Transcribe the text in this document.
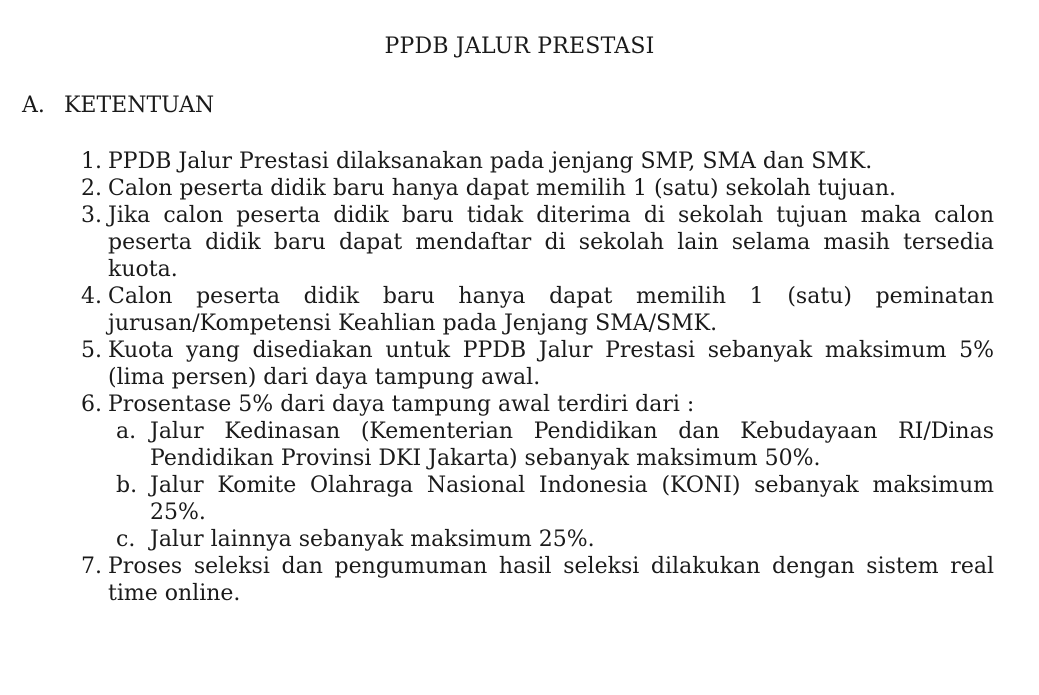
PPDB JALUR PRESTASI
A. KETENTUAN
1. PPDB Jalur Prestasi dilaksanakan pada jenjang SMP, SMA dan SMK.
2. Calon peserta didik baru hanya dapat memilih 1 (satu) sekolah tujuan.
3. Jika calon peserta didik baru tidak diterima di sekolah tujuan maka calon peserta didik baru dapat mendaftar di sekolah lain selama masih tersedia kuota.
4. Calon peserta didik baru hanya dapat memilih 1 (satu) peminatan jurusan/Kompetensi Keahlian pada Jenjang SMA/SMK.
5. Kuota yang disediakan untuk PPDB Jalur Prestasi sebanyak maksimum 5% (lima persen) dari daya tampung awal.
6. Prosentase 5% dari daya tampung awal terdiri dari :
a. Jalur Kedinasan (Kementerian Pendidikan dan Kebudayaan RI/Dinas Pendidikan Provinsi DKI Jakarta) sebanyak maksimum 50%.
b. Jalur Komite Olahraga Nasional Indonesia (KONI) sebanyak maksimum 25%.
c. Jalur lainnya sebanyak maksimum 25%.
7. Proses seleksi dan pengumuman hasil seleksi dilakukan dengan sistem real time online.
